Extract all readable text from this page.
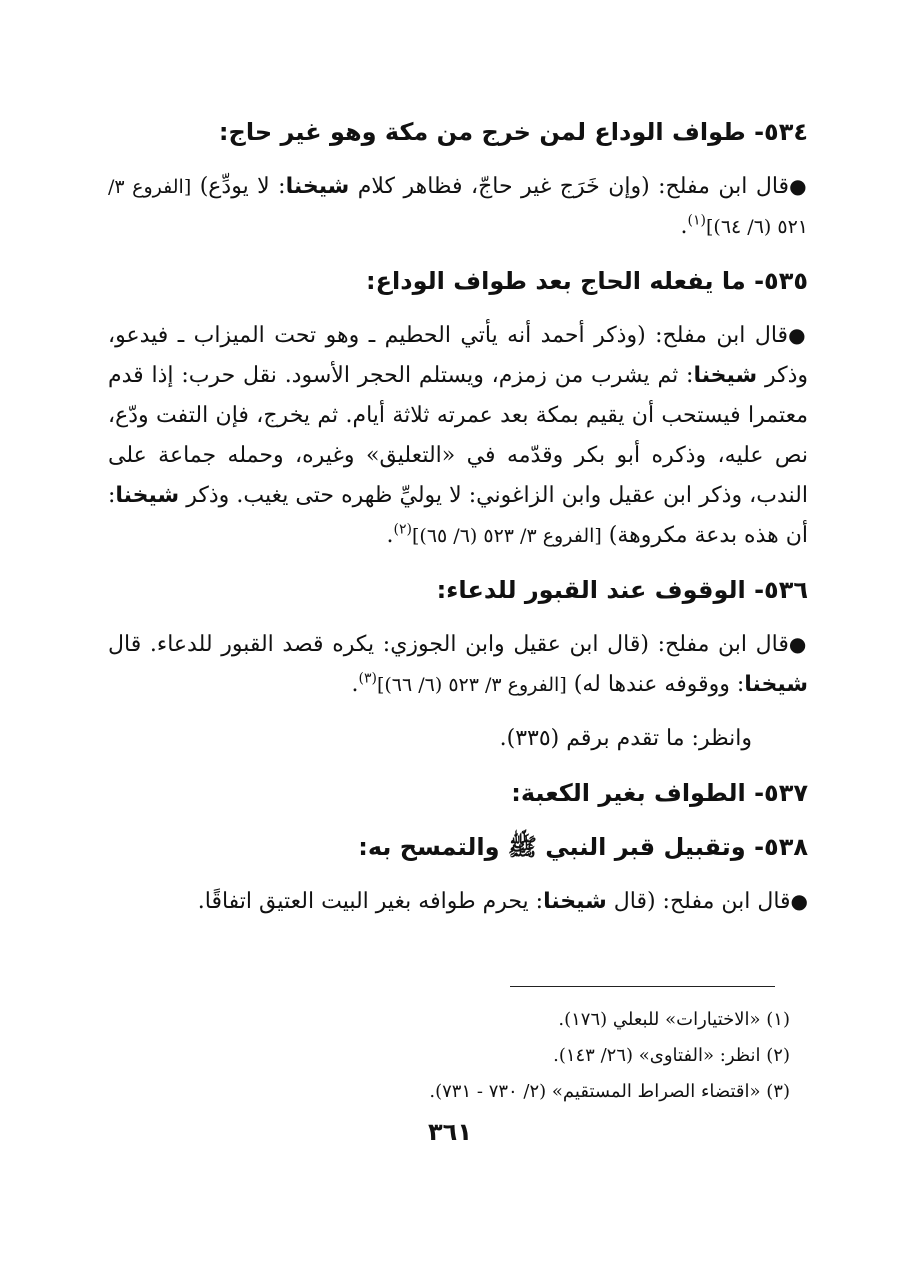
٥٣٤- طواف الوداع لمن خرج من مكة وهو غير حاج:
●قال ابن مفلح: (وإن خَرَج غير حاجّ، فظاهر كلام شيخنا: لا يودِّع) [الفروع ٣/ ٥٢١ (٦/ ٦٤)]$^{(١)}$.
٥٣٥- ما يفعله الحاج بعد طواف الوداع:
●قال ابن مفلح: (وذكر أحمد أنه يأتي الحطيم ـ وهو تحت الميزاب ـ فيدعو، وذكر شيخنا: ثم يشرب من زمزم، ويستلم الحجر الأسود. نقل حرب: إذا قدم معتمرا فيستحب أن يقيم بمكة بعد عمرته ثلاثة أيام. ثم يخرج، فإن التفت ودّع، نص عليه، وذكره أبو بكر وقدّمه في «التعليق» وغيره، وحمله جماعة على الندب، وذكر ابن عقيل وابن الزاغوني: لا يوليِّ ظهره حتى يغيب. وذكر شيخنا: أن هذه بدعة مكروهة) [الفروع ٣/ ٥٢٣ (٦/ ٦٥)]$^{(٢)}$.
٥٣٦- الوقوف عند القبور للدعاء:
●قال ابن مفلح: (قال ابن عقيل وابن الجوزي: يكره قصد القبور للدعاء. قال شيخنا: ووقوفه عندها له) [الفروع ٣/ ٥٢٣ (٦/ ٦٦)]$^{(٣)}$.
وانظر: ما تقدم برقم (٣٣٥).
٥٣٧- الطواف بغير الكعبة:
٥٣٨- وتقبيل قبر النبي ﷺ والتمسح به:
●قال ابن مفلح: (قال شيخنا: يحرم طوافه بغير البيت العتيق اتفاقًا.
(١) «الاختيارات» للبعلي (١٧٦).
(٢) انظر: «الفتاوى» (٢٦/ ١٤٣).
(٣) «اقتضاء الصراط المستقيم» (٢/ ٧٣٠ - ٧٣١).
٣٦١
